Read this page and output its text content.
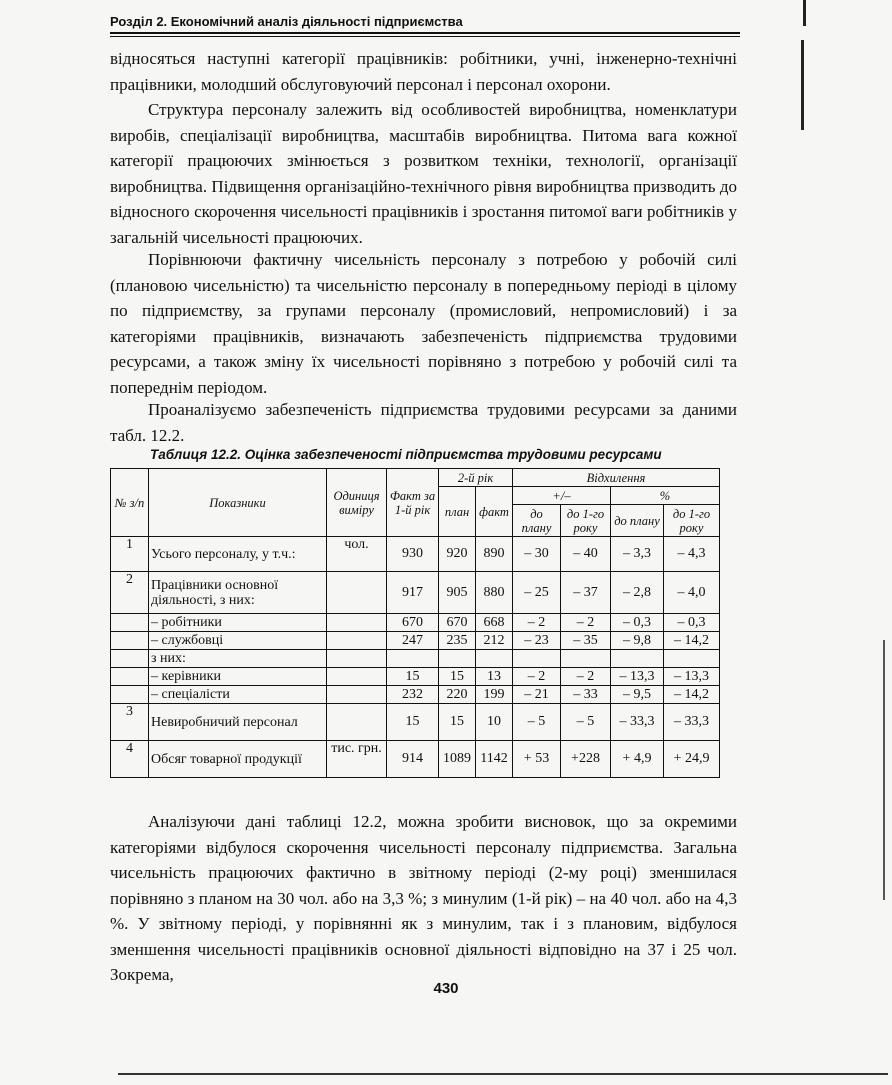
Розділ 2. Економічний аналіз діяльності підприємства
відносяться наступні категорії працівників: робітники, учні, інженерно-технічні працівники, молодший обслуговуючий персонал і персонал охорони.
Структура персоналу залежить від особливостей виробництва, номенклатури виробів, спеціалізації виробництва, масштабів виробництва. Питома вага кожної категорії працюючих змінюється з розвитком техніки, технології, організації виробництва. Підвищення організаційно-технічного рівня виробництва призводить до відносного скорочення чисельності працівників і зростання питомої ваги робітників у загальній чисельності працюючих.
Порівнюючи фактичну чисельність персоналу з потребою у робочій силі (плановою чисельністю) та чисельністю персоналу в попередньому періоді в цілому по підприємству, за групами персоналу (промисловий, непромисловий) і за категоріями працівників, визначають забезпеченість підприємства трудовими ресурсами, а також зміну їх чисельності порівняно з потребою у робочій силі та попереднім періодом.
Проаналізуємо забезпеченість підприємства трудовими ресурсами за даними табл. 12.2.
Таблиця 12.2. Оцінка забезпеченості підприємства трудовими ресурсами
№ з/п	Показники	Одиниця виміру	Факт за 1-й рік	2-й рік		Відхилення			
				план	факт	+/–		%	
						до плану	до 1-го року	до плану	до 1-го року
1	Усього персоналу, у т.ч.:	чол.	930	920	890	– 30	– 40	– 3,3	– 4,3
2	Працівники основної діяльності, з них:		917	905	880	– 25	– 37	– 2,8	– 4,0
	– робітники		670	670	668	– 2	– 2	– 0,3	– 0,3
	– службовці		247	235	212	– 23	– 35	– 9,8	– 14,2
	з них:								
	– керівники		15	15	13	– 2	– 2	– 13,3	– 13,3
	– спеціалісти		232	220	199	– 21	– 33	– 9,5	– 14,2
3	Невиробничий персонал		15	15	10	– 5	– 5	– 33,3	– 33,3
4	Обсяг товарної продукції	тис. грн.	914	1089	1142	+ 53	+228	+ 4,9	+ 24,9
Аналізуючи дані таблиці 12.2, можна зробити висновок, що за окремими категоріями відбулося скорочення чисельності персоналу підприємства. Загальна чисельність працюючих фактично в звітному періоді (2-му році) зменшилася порівняно з планом на 30 чол. або на 3,3 %; з минулим (1-й рік) – на 40 чол. або на 4,3 %. У звітному періоді, у порівнянні як з минулим, так і з плановим, відбулося зменшення чисельності працівників основної діяльності відповідно на 37 і 25 чол. Зокрема,
430
